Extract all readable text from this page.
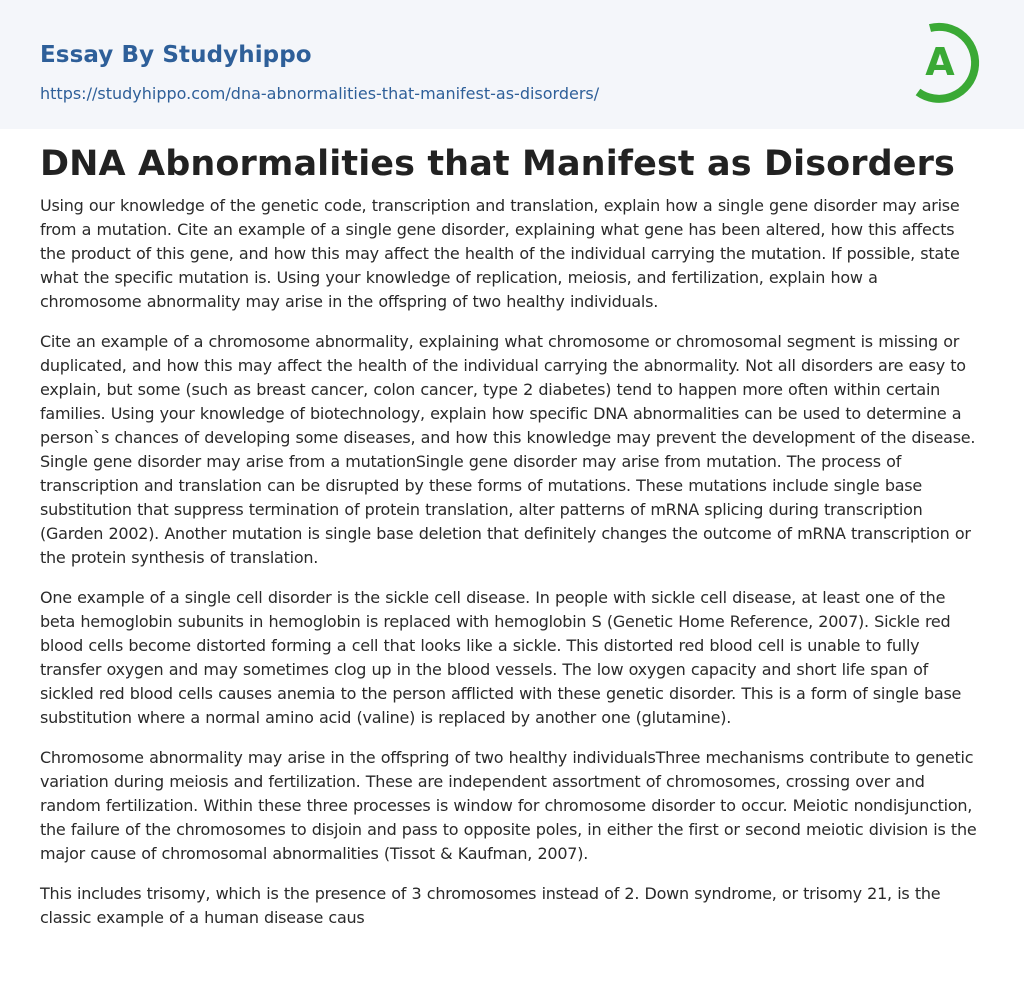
Essay By Studyhippo
https://studyhippo.com/dna-abnormalities-that-manifest-as-disorders/
A
DNA Abnormalities that Manifest as Disorders

Using our knowledge of the genetic code, transcription and translation, explain how a single gene disorder may arise from a mutation. Cite an example of a single gene disorder, explaining what gene has been altered, how this affects the product of this gene, and how this may affect the health of the individual carrying the mutation. If possible, state what the specific mutation is. Using your knowledge of replication, meiosis, and fertilization, explain how a chromosome abnormality may arise in the offspring of two healthy individuals.

Cite an example of a chromosome abnormality, explaining what chromosome or chromosomal segment is missing or duplicated, and how this may affect the health of the individual carrying the abnormality. Not all disorders are easy to explain, but some (such as breast cancer, colon cancer, type 2 diabetes) tend to happen more often within certain families. Using your knowledge of biotechnology, explain how specific DNA abnormalities can be used to determine a person`s chances of developing some diseases, and how this knowledge may prevent the development of the disease. Single gene disorder may arise from a mutationSingle gene disorder may arise from mutation. The process of transcription and translation can be disrupted by these forms of mutations. These mutations include single base substitution that suppress termination of protein translation, alter patterns of mRNA splicing during transcription (Garden 2002). Another mutation is single base deletion that definitely changes the outcome of mRNA transcription or the protein synthesis of translation.

One example of a single cell disorder is the sickle cell disease. In people with sickle cell disease, at least one of the beta hemoglobin subunits in hemoglobin is replaced with hemoglobin S (Genetic Home Reference, 2007). Sickle red blood cells become distorted forming a cell that looks like a sickle. This distorted red blood cell is unable to fully transfer oxygen and may sometimes clog up in the blood vessels. The low oxygen capacity and short life span of sickled red blood cells causes anemia to the person afflicted with these genetic disorder. This is a form of single base substitution where a normal amino acid (valine) is replaced by another one (glutamine).

Chromosome abnormality may arise in the offspring of two healthy individualsThree mechanisms contribute to genetic variation during meiosis and fertilization. These are independent assortment of chromosomes, crossing over and random fertilization. Within these three processes is window for chromosome disorder to occur. Meiotic nondisjunction, the failure of the chromosomes to disjoin and pass to opposite poles, in either the first or second meiotic division is the major cause of chromosomal abnormalities (Tissot & Kaufman, 2007).

This includes trisomy, which is the presence of 3 chromosomes instead of 2. Down syndrome, or trisomy 21, is the classic example of a human disease caus
